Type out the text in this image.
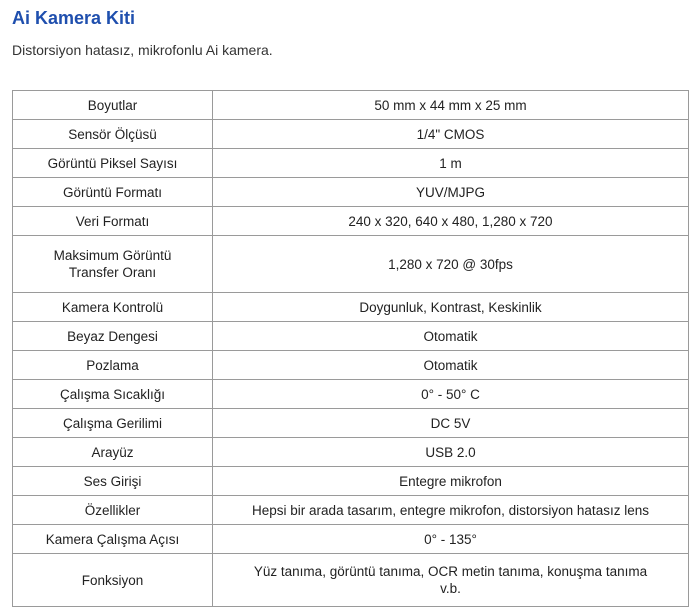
Ai Kamera Kiti

Distorsiyon hatasız, mikrofonlu Ai kamera.

Boyutlar	50 mm x 44 mm x 25 mm
Sensör Ölçüsü	1/4" CMOS
Görüntü Piksel Sayısı	1 m
Görüntü Formatı	YUV/MJPG
Veri Formatı	240 x 320, 640 x 480, 1,280 x 720
Maksimum Görüntü
Transfer Oranı	1,280 x 720 @ 30fps
Kamera Kontrolü	Doygunluk, Kontrast, Keskinlik
Beyaz Dengesi	Otomatik
Pozlama	Otomatik
Çalışma Sıcaklığı	0° - 50° C
Çalışma Gerilimi	DC 5V
Arayüz	USB 2.0
Ses Girişi	Entegre mikrofon
Özellikler	Hepsi bir arada tasarım, entegre mikrofon, distorsiyon hatasız lens
Kamera Çalışma Açısı	0° - 135°
Fonksiyon	Yüz tanıma, görüntü tanıma, OCR metin tanıma, konuşma tanıma v.b.
